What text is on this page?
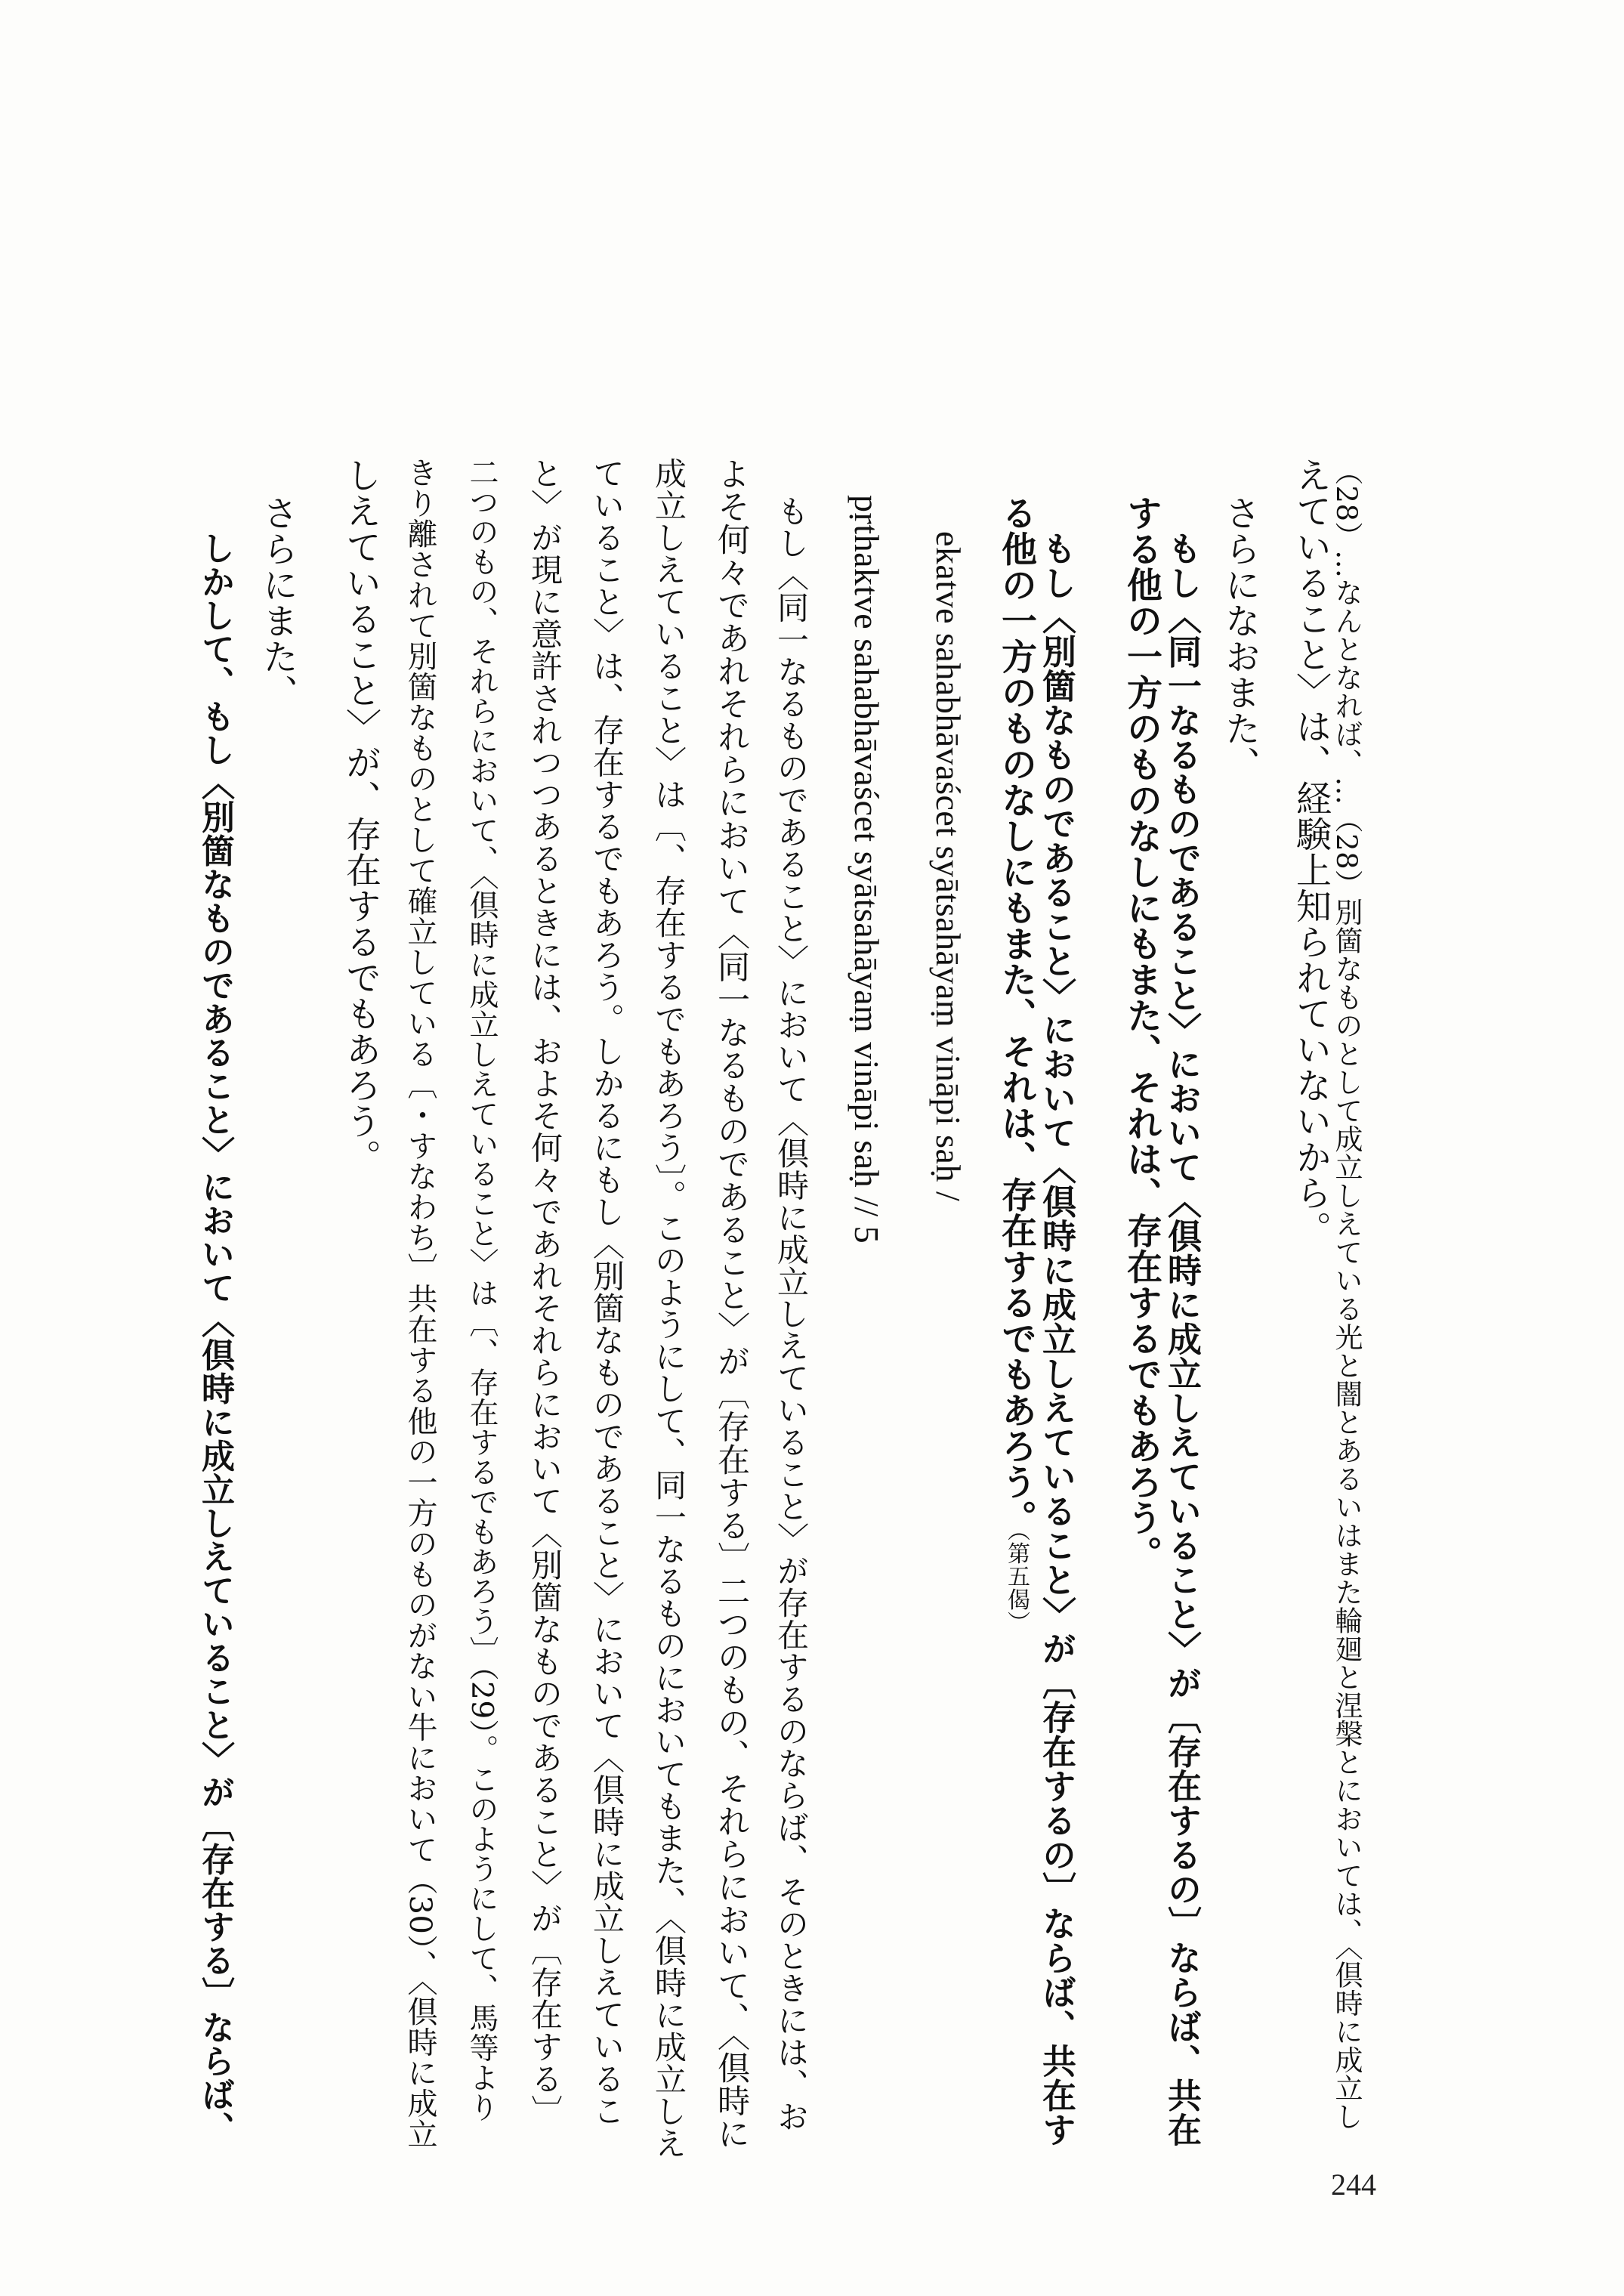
（28）…なんとなれば、…（28）別箇なものとして成立しえている光と闇とあるいはまた輪廻と涅槃とにおいては、〈倶時に成立し
えていること〉は、経験上知られていないから。
さらになおまた、
もし〈同一なるものであること〉において〈倶時に成立しえていること〉が〔存在するの〕ならば、共在
する他の一方のものなしにもまた、それは、存在するでもあろう。
もし〈別箇なものであること〉において〈倶時に成立しえていること〉が〔存在するの〕ならば、共在す
る他の一方のものなしにもまた、それは、存在するでもあろう。
（第五偈）
ekatve sahabhāvaścet syātsahāyaṃ vināpi saḥ /
pṛthaktve sahabhāvaścet syātsahāyaṃ vināpi saḥ // 5
もし〈同一なるものであること〉において〈倶時に成立しえていること〉が存在するのならば、そのときには、お
よそ何々であれそれらにおいて〈同一なるものであること〉が〔存在する〕二つのもの、それらにおいて、〈倶時に
成立しえていること〉は〔、存在するでもあろう〕。このようにして、同一なるものにおいてもまた、〈倶時に成立しえ
ていること〉は、存在するでもあろう。しかるにもし〈別箇なものであること〉において〈倶時に成立しえているこ
と〉が現に意許されつつあるときには、およそ何々であれそれらにおいて〈別箇なものであること〉が〔存在する〕
二つのもの、それらにおいて、〈倶時に成立しえていること〉は〔、存在するでもあろう〕（29）。このようにして、馬等より
きり離されて別箇なものとして確立している〔・すなわち〕共在する他の一方のものがない牛において（30）、〈倶時に成立
しえていること〉が、存在するでもあろう。
さらにまた、
しかして、もし〈別箇なものであること〉において〈倶時に成立しえていること〉が〔存在する〕ならば、
244
